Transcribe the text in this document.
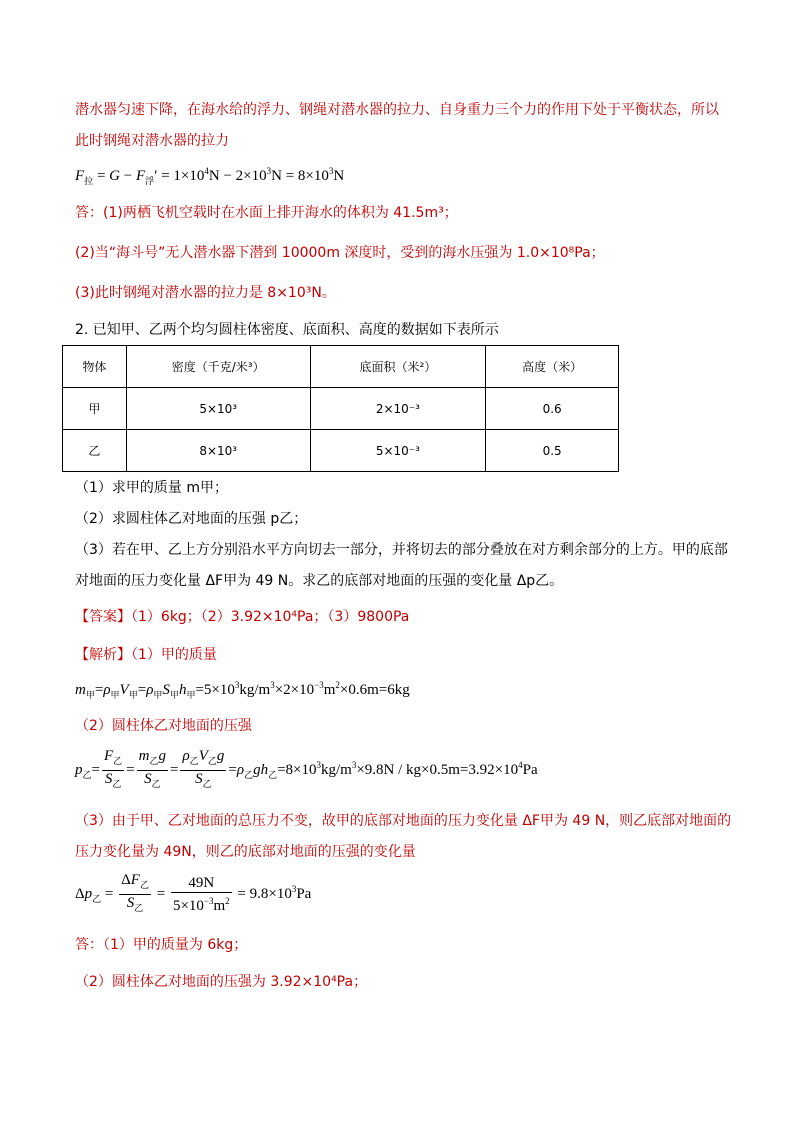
潜水器匀速下降，在海水给的浮力、钢绳对潜水器的拉力、自身重力三个力的作用下处于平衡状态，所以
此时钢绳对潜水器的拉力
$F_拉 = G - F_浮' = 1\times 10^4N - 2\times 10^3N = 8\times 10^3N$
答：(1)两栖飞机空载时在水面上排开海水的体积为 41.5m³；
(2)当“海斗号”无人潜水器下潜到 10000m 深度时，受到的海水压强为 1.0×10⁸Pa；
(3)此时钢绳对潜水器的拉力是 8×10³N。
2. 已知甲、乙两个均匀圆柱体密度、底面积、高度的数据如下表所示
物体	密度（千克/米³）	底面积（米²）	高度（米）
甲	5×10³	2×10⁻³	0.6
乙	8×10³	5×10⁻³	0.5
（1）求甲的质量 m甲；
（2）求圆柱体乙对地面的压强 p乙；
（3）若在甲、乙上方分别沿水平方向切去一部分，并将切去的部分叠放在对方剩余部分的上方。甲的底部
对地面的压力变化量 ΔF甲为 49 N。求乙的底部对地面的压强的变化量 Δp乙。
【答案】（1）6kg；（2）3.92×10⁴Pa；（3）9800Pa
【解析】（1）甲的质量
$m_甲=\rho_甲V_甲=\rho_甲S_甲h_甲=5\times 10^3kg/m^3\times 2\times 10^{-3}m^2\times 0.6m=6kg$
（2）圆柱体乙对地面的压强
$p_乙= \frac{F_乙}{S_乙} = \frac{m_乙g}{S_乙} = \frac{\rho_乙V_乙g}{S_乙} =\rho_乙gh_乙=8\times 10^3kg/m^3\times 9.8N / kg\times 0.5m=3.92\times 10^4Pa$
（3）由于甲、乙对地面的总压力不变，故甲的底部对地面的压力变化量 ΔF甲为 49 N，则乙底部对地面的
压力变化量为 49N，则乙的底部对地面的压强的变化量
$\Delta p_乙 = \frac{\Delta F_乙}{S_乙} = \frac{49N}{5\times 10^{-3}m^2} = 9.8\times 10^3Pa$
答：（1）甲的质量为 6kg；
（2）圆柱体乙对地面的压强为 3.92×10⁴Pa；
